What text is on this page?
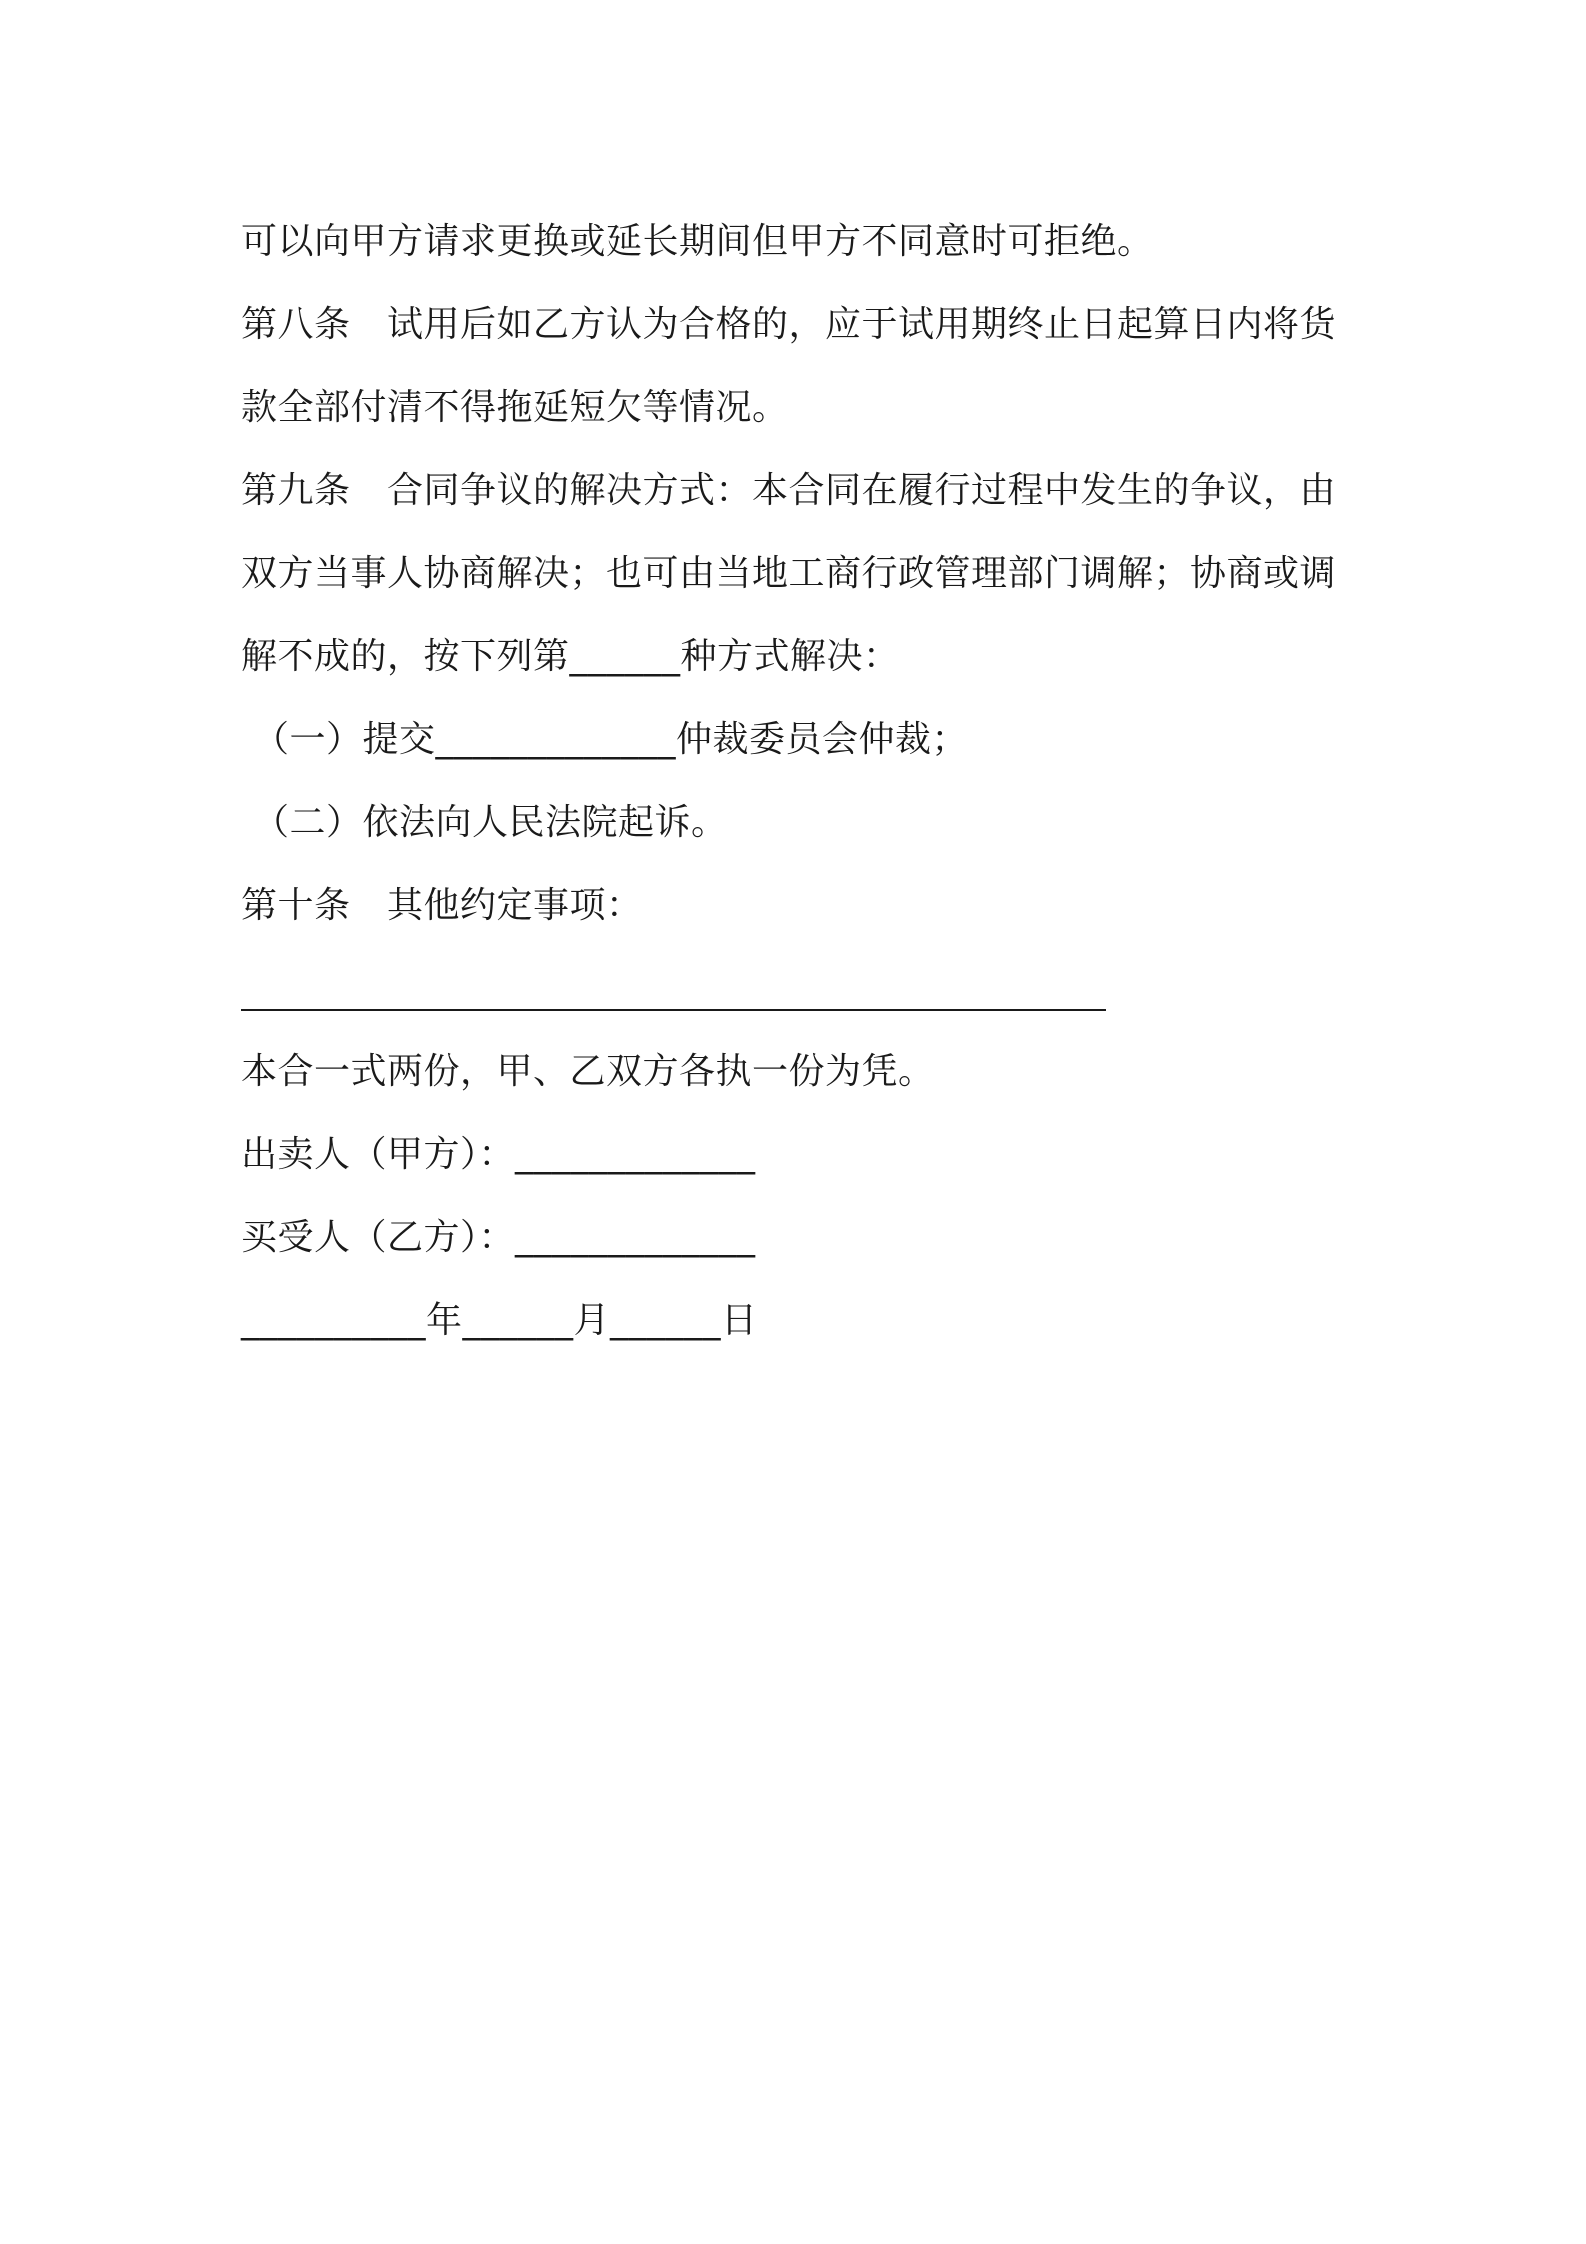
可以向甲方请求更换或延长期间但甲方不同意时可拒绝。
第八条　试用后如乙方认为合格的，应于试用期终止日起算日内将货
款全部付清不得拖延短欠等情况。
第九条　合同争议的解决方式：本合同在履行过程中发生的争议，由
双方当事人协商解决；也可由当地工商行政管理部门调解；协商或调
解不成的，按下列第______种方式解决：
（一）提交_____________仲裁委员会仲裁；
（二）依法向人民法院起诉。
第十条　其他约定事项：
本合一式两份，甲、乙双方各执一份为凭。
出卖人（甲方）：_____________
买受人（乙方）：_____________
__________年______月______日
